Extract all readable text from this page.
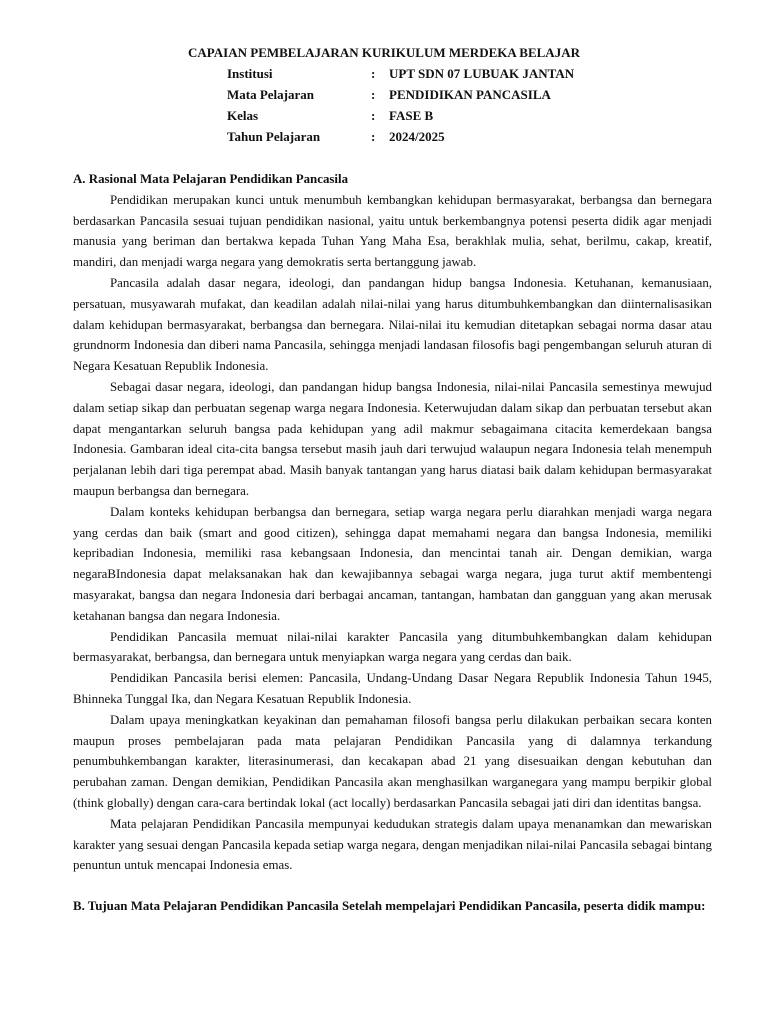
CAPAIAN PEMBELAJARAN KURIKULUM MERDEKA BELAJAR
Institusi	: UPT SDN 07 LUBUAK JANTAN
Mata Pelajaran	: PENDIDIKAN PANCASILA
Kelas	: FASE B
Tahun Pelajaran	: 2024/2025
A. Rasional Mata Pelajaran Pendidikan Pancasila

Pendidikan merupakan kunci untuk menumbuh kembangkan kehidupan bermasyarakat, berbangsa dan bernegara berdasarkan Pancasila sesuai tujuan pendidikan nasional, yaitu untuk berkembangnya potensi peserta didik agar menjadi manusia yang beriman dan bertakwa kepada Tuhan Yang Maha Esa, berakhlak mulia, sehat, berilmu, cakap, kreatif, mandiri, dan menjadi warga negara yang demokratis serta bertanggung jawab.

Pancasila adalah dasar negara, ideologi, dan pandangan hidup bangsa Indonesia. Ketuhanan, kemanusiaan, persatuan, musyawarah mufakat, dan keadilan adalah nilai-nilai yang harus ditumbuhkembangkan dan diinternalisasikan dalam kehidupan bermasyarakat, berbangsa dan bernegara. Nilai-nilai itu kemudian ditetapkan sebagai norma dasar atau grundnorm Indonesia dan diberi nama Pancasila, sehingga menjadi landasan filosofis bagi pengembangan seluruh aturan di Negara Kesatuan Republik Indonesia.

Sebagai dasar negara, ideologi, dan pandangan hidup bangsa Indonesia, nilai-nilai Pancasila semestinya mewujud dalam setiap sikap dan perbuatan segenap warga negara Indonesia. Keterwujudan dalam sikap dan perbuatan tersebut akan dapat mengantarkan seluruh bangsa pada kehidupan yang adil makmur sebagaimana citacita kemerdekaan bangsa Indonesia. Gambaran ideal cita-cita bangsa tersebut masih jauh dari terwujud walaupun negara Indonesia telah menempuh perjalanan lebih dari tiga perempat abad. Masih banyak tantangan yang harus diatasi baik dalam kehidupan bermasyarakat maupun berbangsa dan bernegara.

Dalam konteks kehidupan berbangsa dan bernegara, setiap warga negara perlu diarahkan menjadi warga negara yang cerdas dan baik (smart and good citizen), sehingga dapat memahami negara dan bangsa Indonesia, memiliki kepribadian Indonesia, memiliki rasa kebangsaan Indonesia, dan mencintai tanah air. Dengan demikian, warga negaraBIndonesia dapat melaksanakan hak dan kewajibannya sebagai warga negara, juga turut aktif membentengi masyarakat, bangsa dan negara Indonesia dari berbagai ancaman, tantangan, hambatan dan gangguan yang akan merusak ketahanan bangsa dan negara Indonesia.

Pendidikan Pancasila memuat nilai-nilai karakter Pancasila yang ditumbuhkembangkan dalam kehidupan bermasyarakat, berbangsa, dan bernegara untuk menyiapkan warga negara yang cerdas dan baik.

Pendidikan Pancasila berisi elemen: Pancasila, Undang-Undang Dasar Negara Republik Indonesia Tahun 1945, Bhinneka Tunggal Ika, dan Negara Kesatuan Republik Indonesia.

Dalam upaya meningkatkan keyakinan dan pemahaman filosofi bangsa perlu dilakukan perbaikan secara konten maupun proses pembelajaran pada mata pelajaran Pendidikan Pancasila yang di dalamnya terkandung penumbuhkembangan karakter, literasinumerasi, dan kecakapan abad 21 yang disesuaikan dengan kebutuhan dan perubahan zaman. Dengan demikian, Pendidikan Pancasila akan menghasilkan warganegara yang mampu berpikir global (think globally) dengan cara-cara bertindak lokal (act locally) berdasarkan Pancasila sebagai jati diri dan identitas bangsa.

Mata pelajaran Pendidikan Pancasila mempunyai kedudukan strategis dalam upaya menanamkan dan mewariskan karakter yang sesuai dengan Pancasila kepada setiap warga negara, dengan menjadikan nilai-nilai Pancasila sebagai bintang penuntun untuk mencapai Indonesia emas.

B. Tujuan Mata Pelajaran Pendidikan Pancasila Setelah mempelajari Pendidikan Pancasila, peserta didik mampu:
